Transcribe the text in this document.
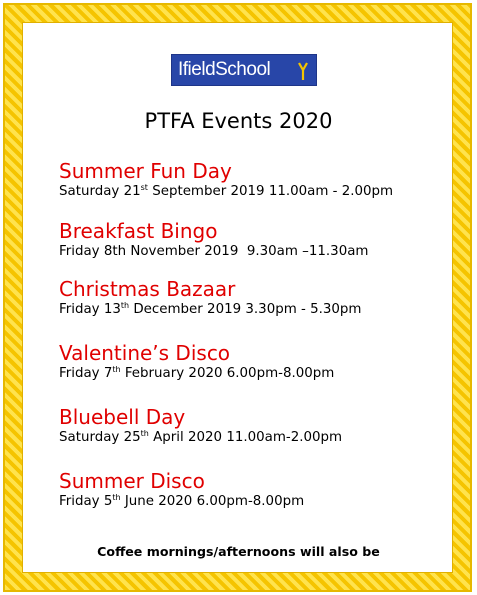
IfieldSchool
PTFA Events 2020
Summer Fun Day
Saturday 21st September 2019 11.00am - 2.00pm
Breakfast Bingo
Friday 8th November 2019  9.30am –11.30am
Christmas Bazaar
Friday 13th December 2019 3.30pm - 5.30pm
Valentine’s Disco
Friday 7th February 2020 6.00pm-8.00pm
Bluebell Day
Saturday 25th April 2020 11.00am-2.00pm
Summer Disco
Friday 5th June 2020 6.00pm-8.00pm
Coffee mornings/afternoons will also be
